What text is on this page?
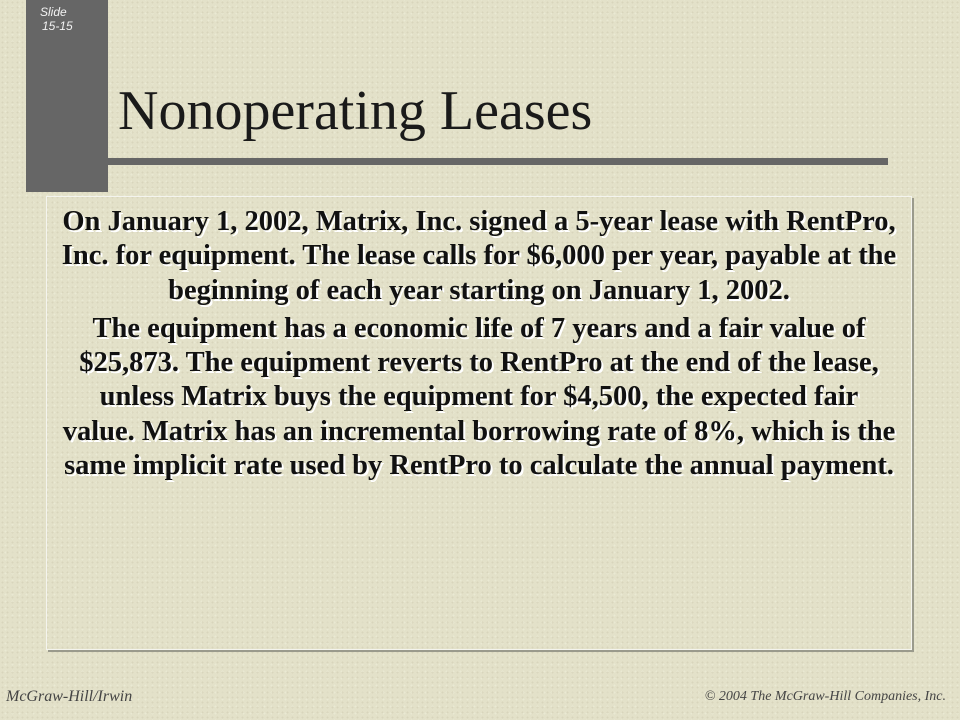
Slide
15-15
Nonoperating Leases

On January 1, 2002, Matrix, Inc. signed a 5-year lease with RentPro, Inc. for equipment. The lease calls for $6,000 per year, payable at the beginning of each year starting on January 1, 2002.

The equipment has a economic life of 7 years and a fair value of $25,873. The equipment reverts to RentPro at the end of the lease, unless Matrix buys the equipment for $4,500, the expected fair value. Matrix has an incremental borrowing rate of 8%, which is the same implicit rate used by RentPro to calculate the annual payment.

McGraw-Hill/Irwin	© 2004 The McGraw-Hill Companies, Inc.
